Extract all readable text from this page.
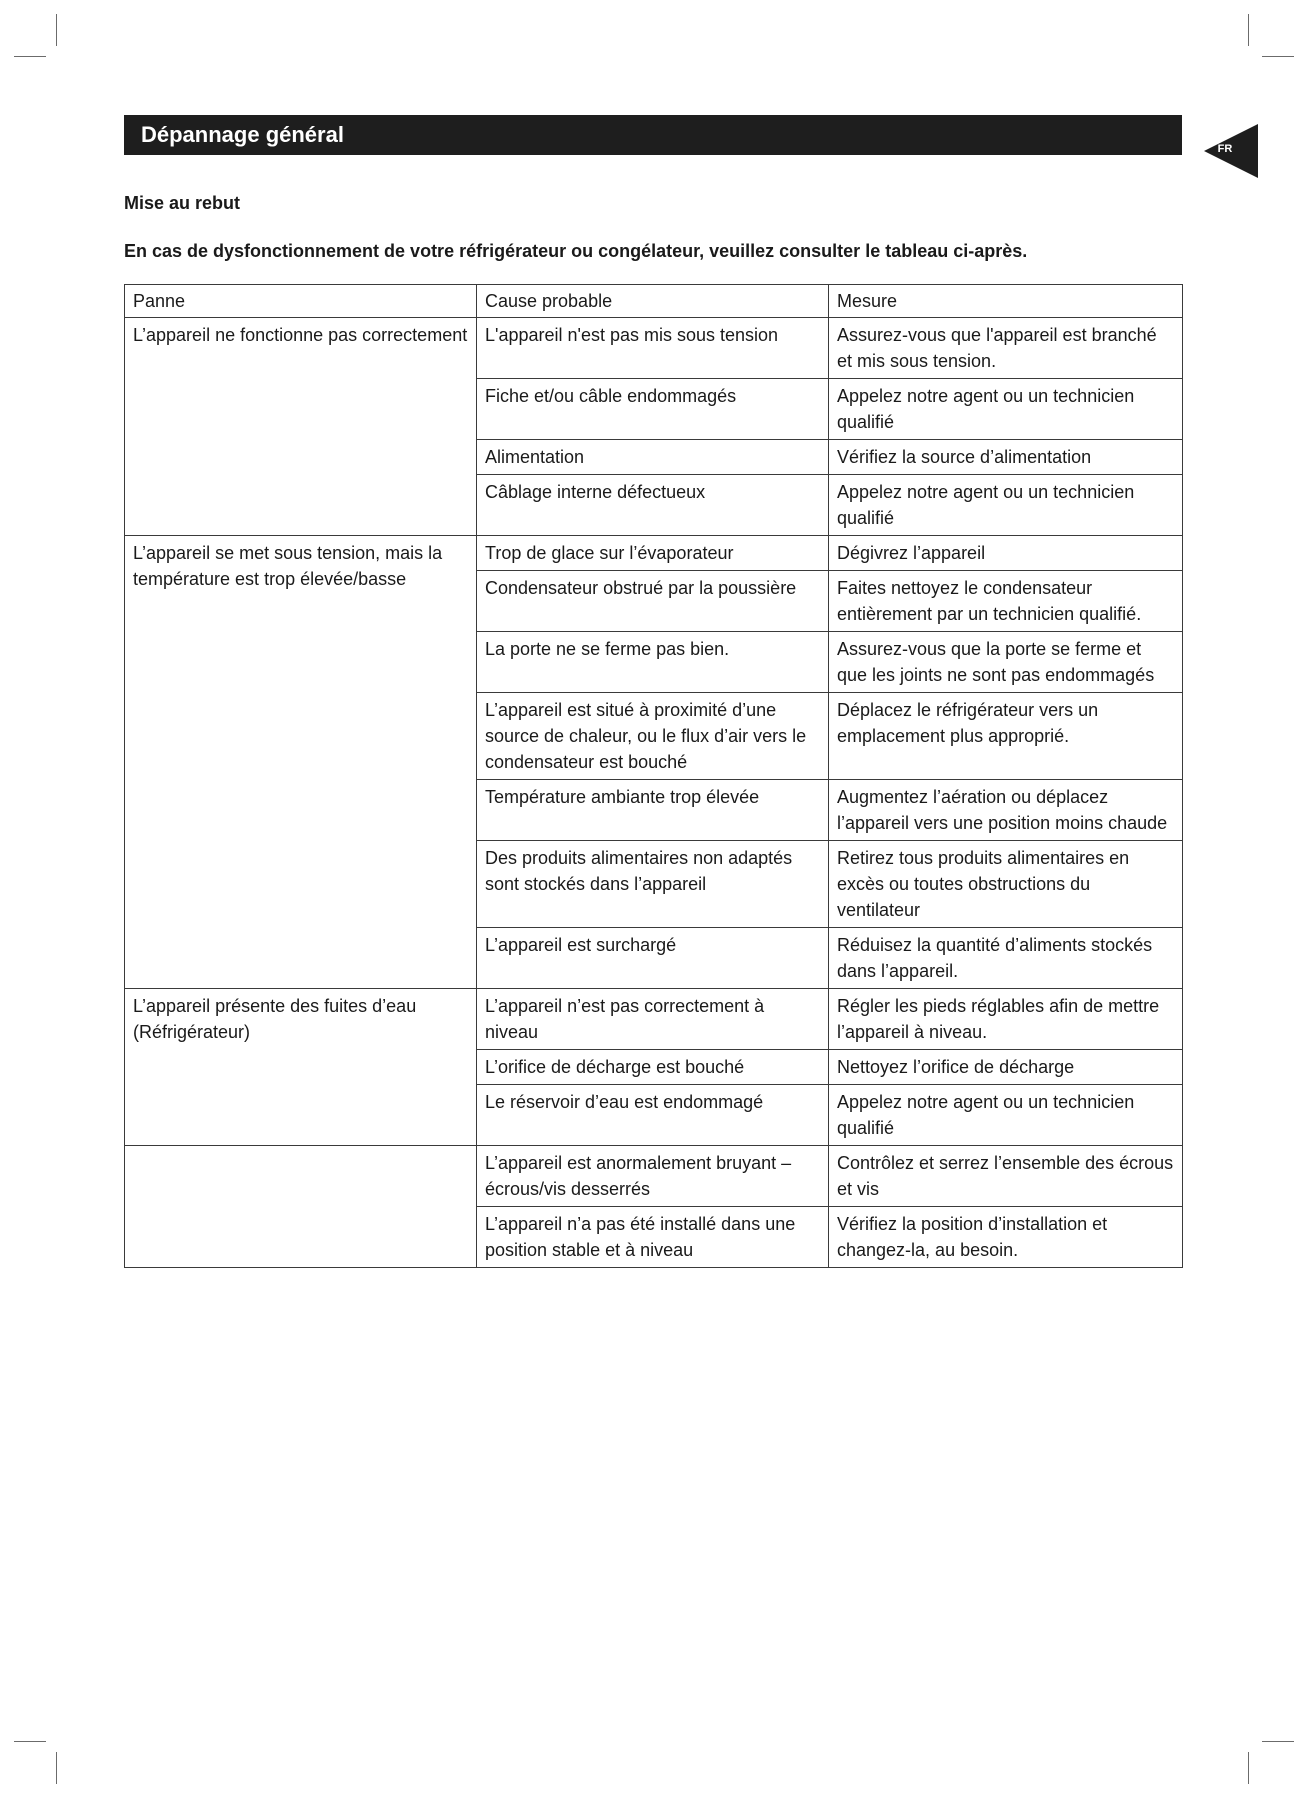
Dépannage général
FR
Mise au rebut
En cas de dysfonctionnement de votre réfrigérateur ou congélateur, veuillez consulter le tableau ci-après.
Panne	Cause probable	Mesure
L’appareil ne fonctionne pas correctement	L'appareil n'est pas mis sous tension	Assurez-vous que l'appareil est branché et mis sous tension.
	Fiche et/ou câble endommagés	Appelez notre agent ou un technicien qualifié
	Alimentation	Vérifiez la source d’alimentation
	Câblage interne défectueux	Appelez notre agent ou un technicien qualifié
L’appareil se met sous tension, mais la température est trop élevée/basse	Trop de glace sur l’évaporateur	Dégivrez l’appareil
	Condensateur obstrué par la poussière	Faites nettoyez le condensateur entièrement par un technicien qualifié.
	La porte ne se ferme pas bien.	Assurez-vous que la porte se ferme et que les joints ne sont pas endommagés
	L’appareil est situé à proximité d’une source de chaleur, ou le flux d’air vers le condensateur est bouché	Déplacez le réfrigérateur vers un emplacement plus approprié.
	Température ambiante trop élevée	Augmentez l’aération ou déplacez l’appareil vers une position moins chaude
	Des produits alimentaires non adaptés sont stockés dans l’appareil	Retirez tous produits alimentaires en excès ou toutes obstructions du ventilateur
	L’appareil est surchargé	Réduisez la quantité d’aliments stockés dans l’appareil.
L’appareil présente des fuites d’eau (Réfrigérateur)	L’appareil n’est pas correctement à niveau	Régler les pieds réglables afin de mettre l’appareil à niveau.
	L’orifice de décharge est bouché	Nettoyez l’orifice de décharge
	Le réservoir d’eau est endommagé	Appelez notre agent ou un technicien qualifié
	L’appareil est anormalement bruyant – écrous/vis desserrés	Contrôlez et serrez l’ensemble des écrous et vis
	L’appareil n’a pas été installé dans une position stable et à niveau	Vérifiez la position d’installation et changez-la, au besoin.
